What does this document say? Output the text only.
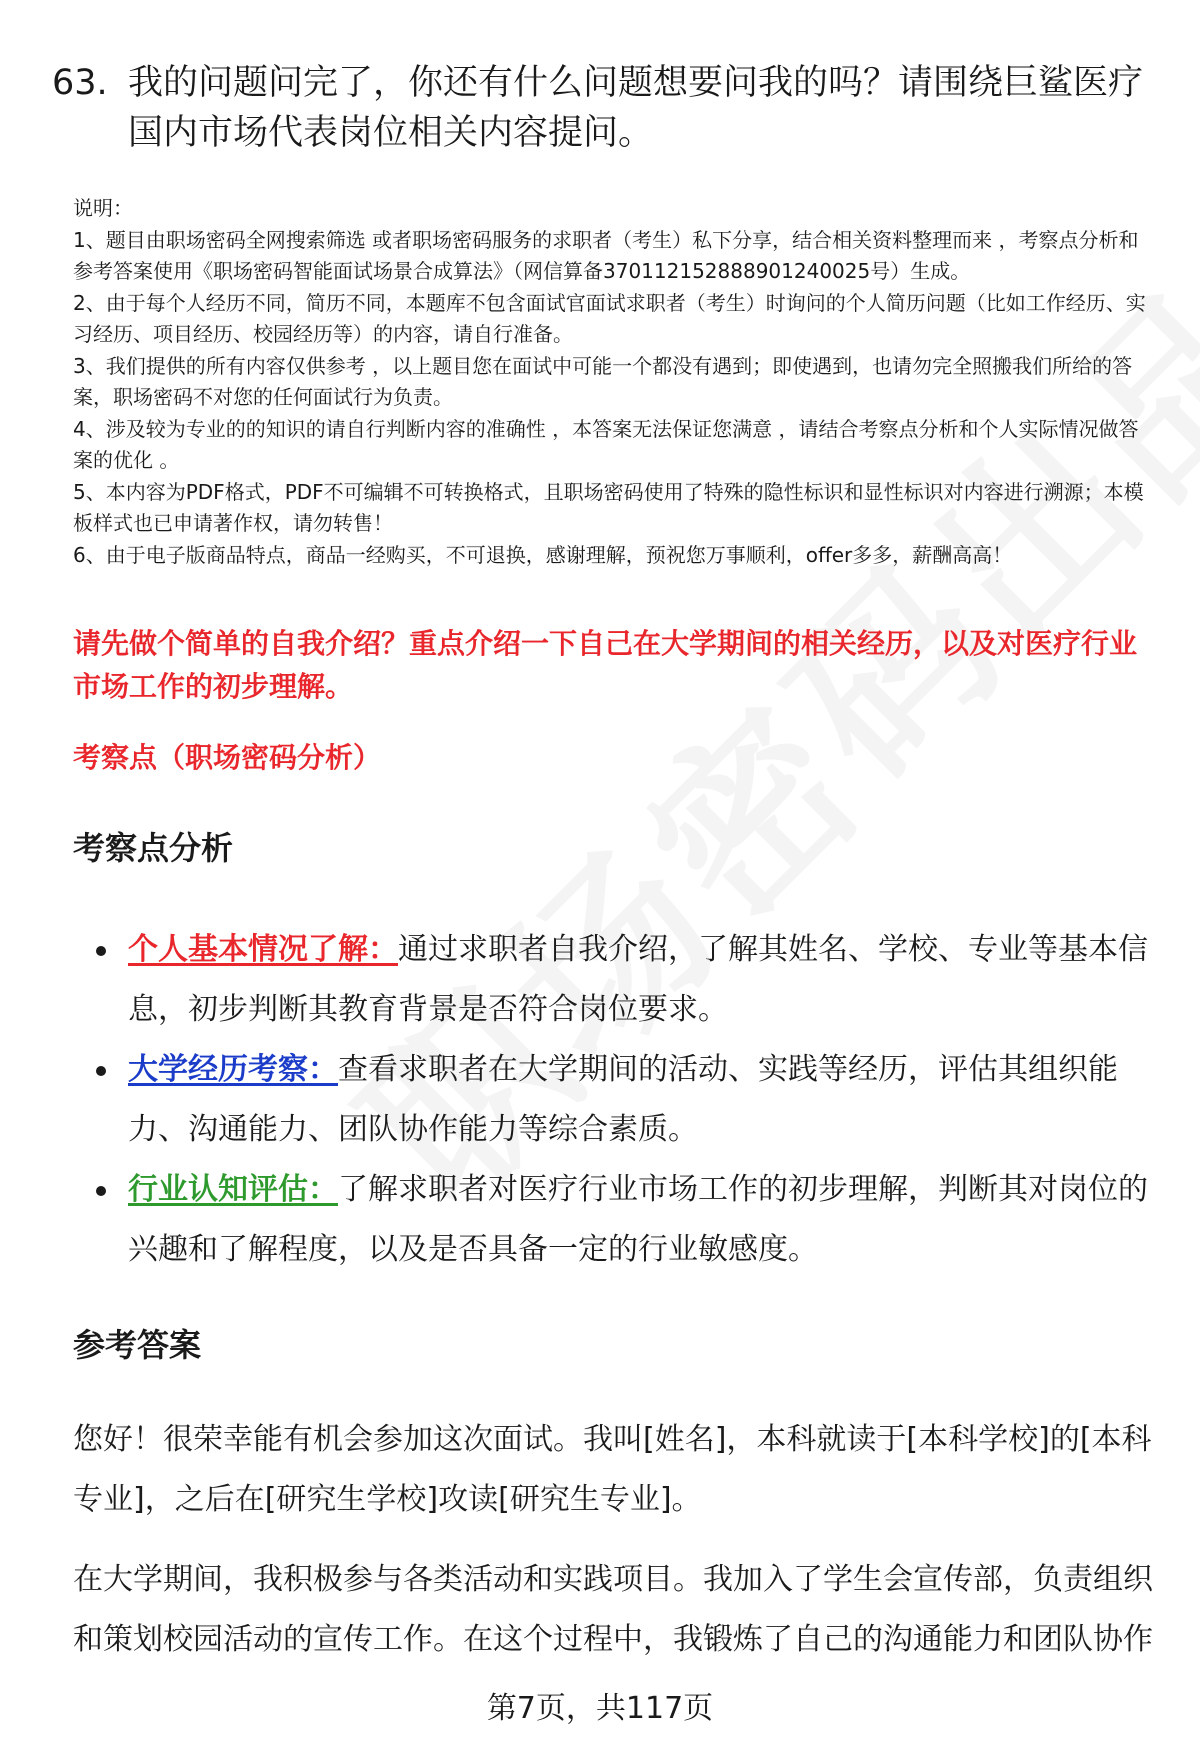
63. 我的问题问完了，你还有什么问题想要问我的吗？请围绕巨鲨医疗国内市场代表岗位相关内容提问。

说明：

1、题目由职场密码全网搜索筛选 或者职场密码服务的求职者（考生）私下分享，结合相关资料整理而来 ，考察点分析和参考答案使用《职场密码智能面试场景合成算法》（网信算备370112152888901240025号）生成。

2、由于每个人经历不同，简历不同，本题库不包含面试官面试求职者（考生）时询问的个人简历问题（比如工作经历、实习经历、项目经历、校园经历等）的内容，请自行准备。

3、我们提供的所有内容仅供参考 ，以上题目您在面试中可能一个都没有遇到；即使遇到，也请勿完全照搬我们所给的答案，职场密码不对您的任何面试行为负责。

4、涉及较为专业的的知识的请自行判断内容的准确性 ，本答案无法保证您满意 ，请结合考察点分析和个人实际情况做答案的优化 。

5、本内容为PDF格式，PDF不可编辑不可转换格式，且职场密码使用了特殊的隐性标识和显性标识对内容进行溯源；本模板样式也已申请著作权，请勿转售！

6、由于电子版商品特点，商品一经购买，不可退换，感谢理解，预祝您万事顺利，offer多多，薪酬高高！

请先做个简单的自我介绍？重点介绍一下自己在大学期间的相关经历，以及对医疗行业市场工作的初步理解。

考察点（职场密码分析）

考察点分析
个人基本情况了解：通过求职者自我介绍，了解其姓名、学校、专业等基本信息，初步判断其教育背景是否符合岗位要求。
大学经历考察：查看求职者在大学期间的活动、实践等经历，评估其组织能力、沟通能力、团队协作能力等综合素质。
行业认知评估：了解求职者对医疗行业市场工作的初步理解，判断其对岗位的兴趣和了解程度，以及是否具备一定的行业敏感度。
参考答案

您好！很荣幸能有机会参加这次面试。我叫[姓名]，本科就读于[本科学校]的[本科专业]，之后在[研究生学校]攻读[研究生专业]。

在大学期间，我积极参与各类活动和实践项目。我加入了学生会宣传部，负责组织和策划校园活动的宣传工作。在这个过程中，我锻炼了自己的沟通能力和团队协作

第7页，共117页
